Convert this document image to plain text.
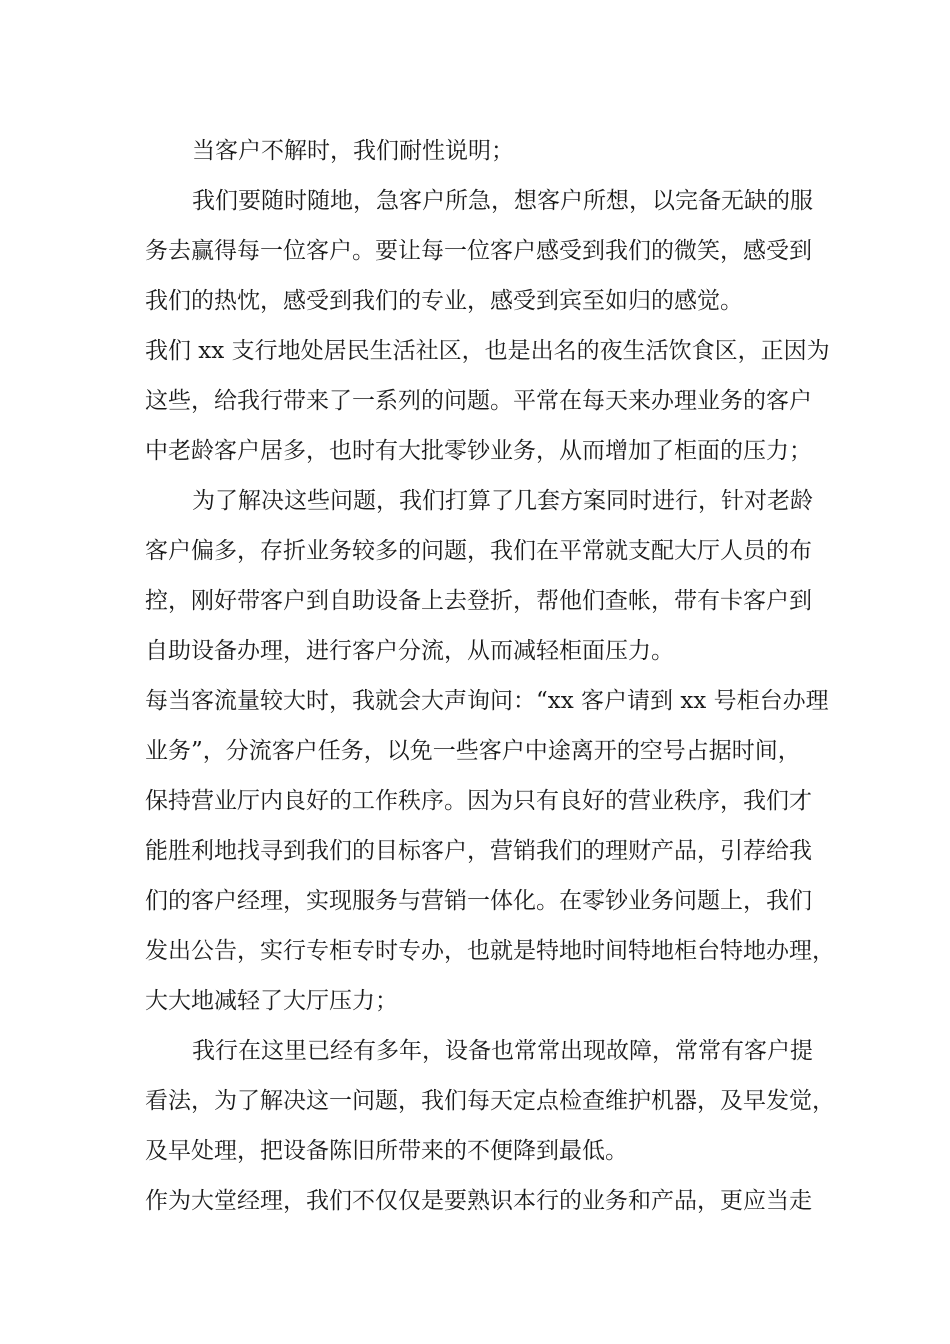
当客户不解时，我们耐性说明；
我们要随时随地，急客户所急，想客户所想，以完备无缺的服
务去赢得每一位客户。要让每一位客户感受到我们的微笑，感受到
我们的热忱，感受到我们的专业，感受到宾至如归的感觉。
我们 xx 支行地处居民生活社区，也是出名的夜生活饮食区，正因为
这些，给我行带来了一系列的问题。平常在每天来办理业务的客户
中老龄客户居多，也时有大批零钞业务，从而增加了柜面的压力；
为了解决这些问题，我们打算了几套方案同时进行，针对老龄
客户偏多，存折业务较多的问题，我们在平常就支配大厅人员的布
控，刚好带客户到自助设备上去登折，帮他们查帐，带有卡客户到
自助设备办理，进行客户分流，从而减轻柜面压力。
每当客流量较大时，我就会大声询问：“xx 客户请到 xx 号柜台办理
业务”，分流客户任务，以免一些客户中途离开的空号占据时间，
保持营业厅内良好的工作秩序。因为只有良好的营业秩序，我们才
能胜利地找寻到我们的目标客户，营销我们的理财产品，引荐给我
们的客户经理，实现服务与营销一体化。在零钞业务问题上，我们
发出公告，实行专柜专时专办，也就是特地时间特地柜台特地办理，
大大地减轻了大厅压力；
我行在这里已经有多年，设备也常常出现故障，常常有客户提
看法，为了解决这一问题，我们每天定点检查维护机器，及早发觉，
及早处理，把设备陈旧所带来的不便降到最低。
作为大堂经理，我们不仅仅是要熟识本行的业务和产品，更应当走
